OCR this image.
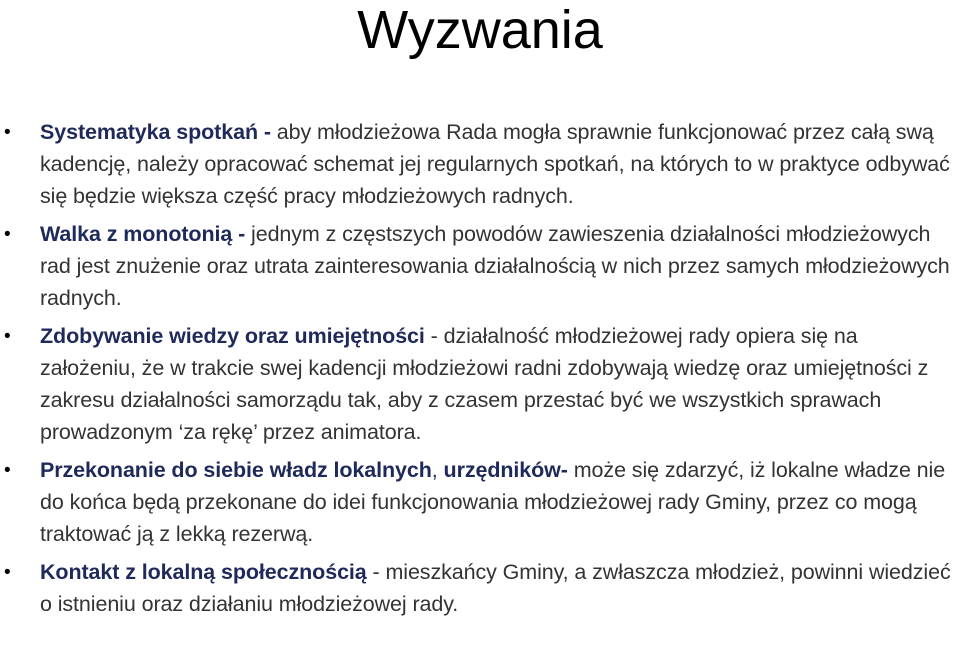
Wyzwania
• Systematyka spotkań - aby młodzieżowa Rada mogła sprawnie funkcjonować przez całą swą kadencję, należy opracować schemat jej regularnych spotkań, na których to w praktyce odbywać się będzie większa część pracy młodzieżowych radnych.
• Walka z monotonią - jednym z częstszych powodów zawieszenia działalności młodzieżowych rad jest znużenie oraz utrata zainteresowania działalnością w nich przez samych młodzieżowych radnych.
• Zdobywanie wiedzy oraz umiejętności - działalność młodzieżowej rady opiera się na założeniu, że w trakcie swej kadencji młodzieżowi radni zdobywają wiedzę oraz umiejętności z zakresu działalności samorządu tak, aby z czasem przestać być we wszystkich sprawach prowadzonym ‘za rękę’ przez animatora.
• Przekonanie do siebie władz lokalnych, urzędników- może się zdarzyć, iż lokalne władze nie do końca będą przekonane do idei funkcjonowania młodzieżowej rady Gminy, przez co mogą traktować ją z lekką rezerwą.
• Kontakt z lokalną społecznością - mieszkańcy Gminy, a zwłaszcza młodzież, powinni wiedzieć o istnieniu oraz działaniu młodzieżowej rady.
